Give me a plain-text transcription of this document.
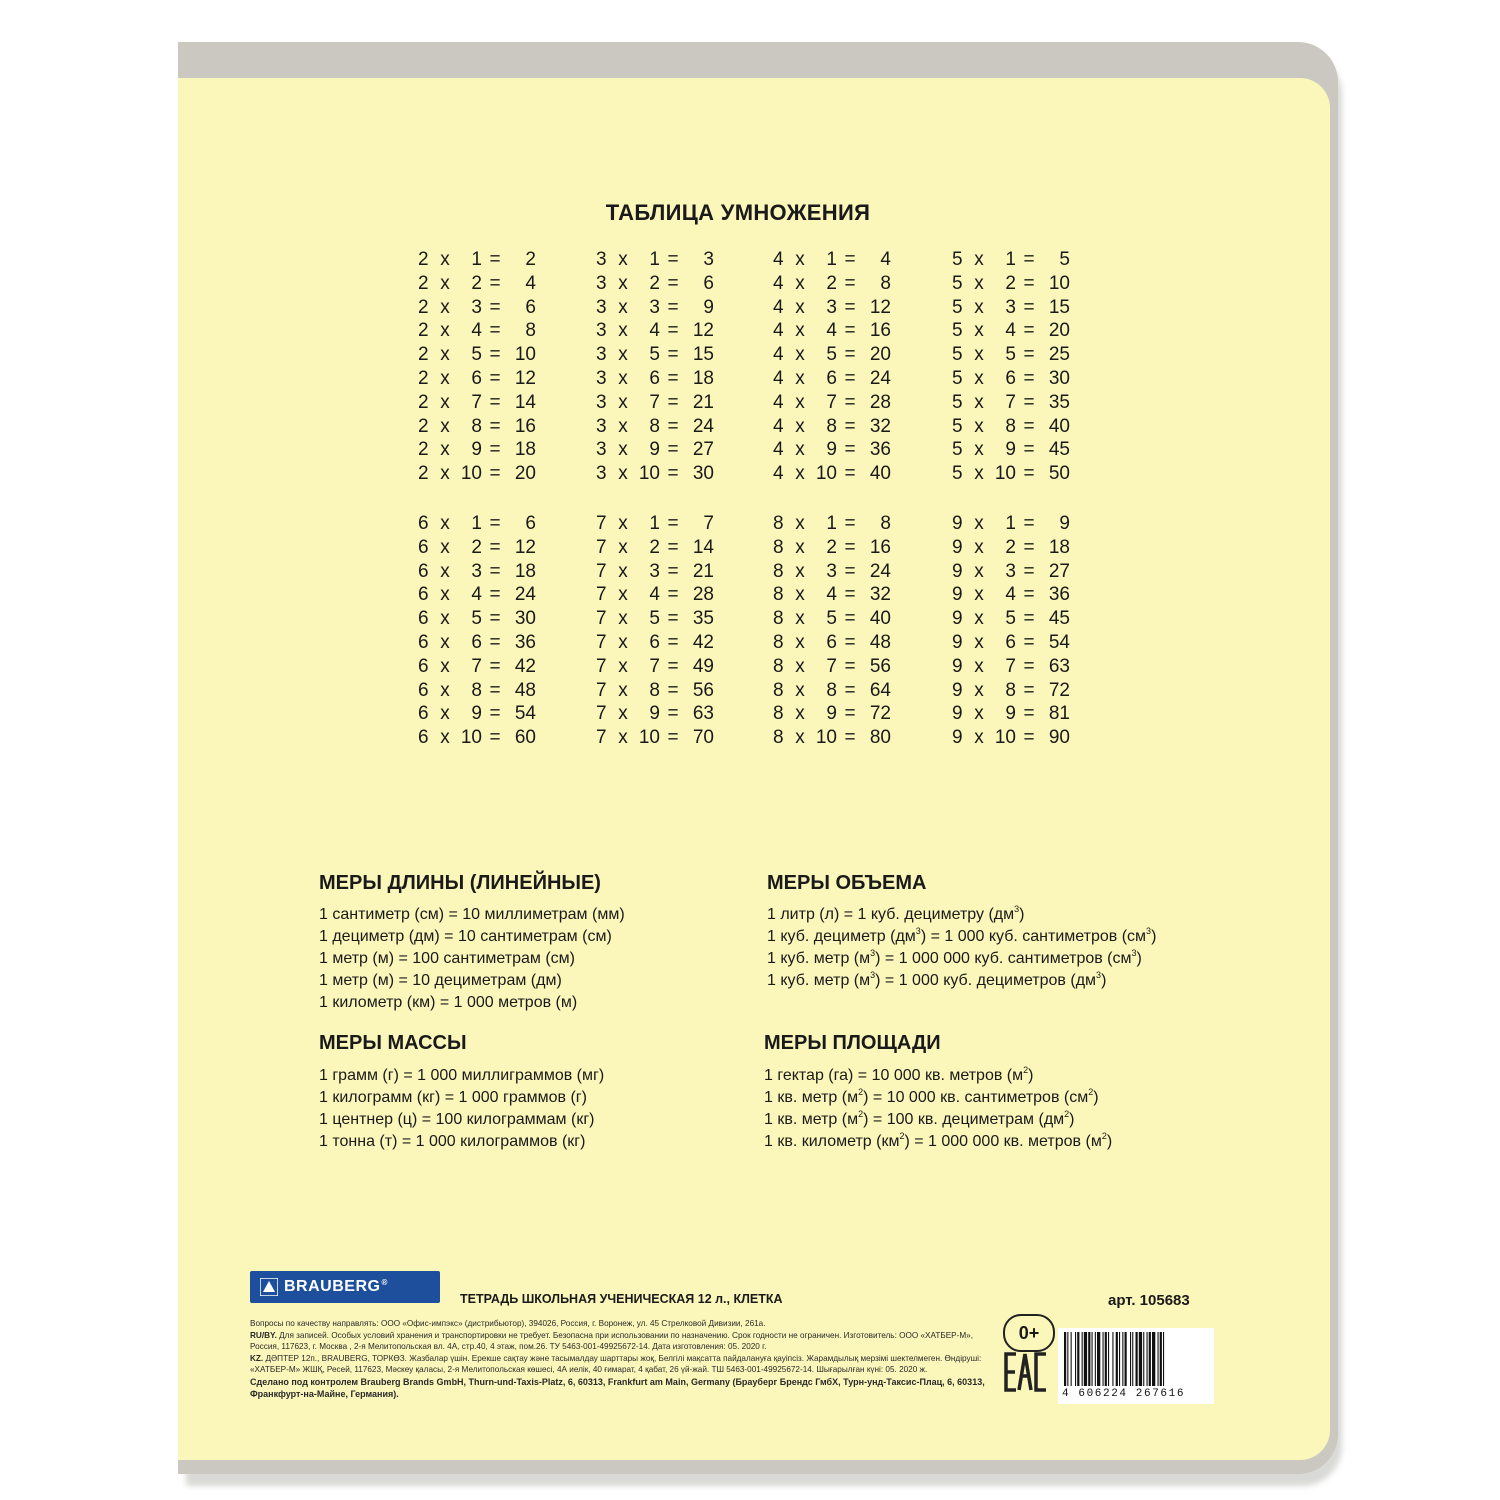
ТАБЛИЦА УМНОЖЕНИЯ
2 x	1 =	2
2 x	2 =	4
2 x	3 =	6
2 x	4 =	8
2 x	5 = 10
2 x	6 = 12
2 x	7 = 14
2 x	8 = 16
2 x	9 = 18
2 x 10 = 20
3 x	1 =	3
3 x	2 =	6
3 x	3 =	9
3 x	4 = 12
3 x	5 = 15
3 x	6 = 18
3 x	7 = 21
3 x	8 = 24
3 x	9 = 27
3 x 10 = 30
4 x	1 =	4
4 x	2 =	8
4 x	3 = 12
4 x	4 = 16
4 x	5 = 20
4 x	6 = 24
4 x	7 = 28
4 x	8 = 32
4 x	9 = 36
4 x 10 = 40
5 x	1 =	5
5 x	2 = 10
5 x	3 = 15
5 x	4 = 20
5 x	5 = 25
5 x	6 = 30
5 x	7 = 35
5 x	8 = 40
5 x	9 = 45
5 x 10 = 50
6 x	1 =	6
6 x	2 = 12
6 x	3 = 18
6 x	4 = 24
6 x	5 = 30
6 x	6 = 36
6 x	7 = 42
6 x	8 = 48
6 x	9 = 54
6 x 10 = 60
7 x	1 =	7
7 x	2 = 14
7 x	3 = 21
7 x	4 = 28
7 x	5 = 35
7 x	6 = 42
7 x	7 = 49
7 x	8 = 56
7 x	9 = 63
7 x 10 = 70
8 x	1 =	8
8 x	2 = 16
8 x	3 = 24
8 x	4 = 32
8 x	5 = 40
8 x	6 = 48
8 x	7 = 56
8 x	8 = 64
8 x	9 = 72
8 x 10 = 80
9 x	1 =	9
9 x	2 = 18
9 x	3 = 27
9 x	4 = 36
9 x	5 = 45
9 x	6 = 54
9 x	7 = 63
9 x	8 = 72
9 x	9 = 81
9 x 10 = 90
МЕРЫ ДЛИНЫ (ЛИНЕЙНЫЕ)
1 сантиметр (см) = 10 миллиметрам (мм)
1 дециметр (дм) = 10 сантиметрам (см)
1 метр (м) = 100 сантиметрам (см)
1 метр (м) = 10 дециметрам (дм)
1 километр (км) = 1 000 метров (м)
МЕРЫ МАССЫ
1 грамм (г) = 1 000 миллиграммов (мг)
1 килограмм (кг) = 1 000 граммов (г)
1 центнер (ц) = 100 килограммам (кг)
1 тонна (т) = 1 000 килограммов (кг)
МЕРЫ ОБЪЕМА
1 литр (л) = 1 куб. дециметру $(дм^3)$
1 куб. дециметр $(дм^3) = 1$ 000 куб. сантиметров $(см^3)$
1 куб. метр $(м^3) = 1$ 000 000 куб. сантиметров $(см^3)$
1 куб. метр $(м^3) = 1$ 000 куб. дециметров $(дм^3)$
МЕРЫ ПЛОЩАДИ
1 гектар (га) = 10 000 кв. метров $(м^2)$
1 кв. метр $(м^2) = 10$ 000 кв. сантиметров $(см^2)$
1 кв. метр $(м^2) = 100$ кв. дециметрам $(дм^2)$
1 кв. километр $(км^2) = 1$ 000 000 кв. метров $(м^2)$
BRAUBERG®
ТЕТРАДЬ ШКОЛЬНАЯ УЧЕНИЧЕСКАЯ 12 л., КЛЕТКА	арт. 105683
Вопросы по качеству направлять: ООО «Офис-импэкс» (дистрибьютор), 394026, Россия, г. Воронеж, ул. 45 Стрелковой Дивизии, 261а.
RU/BY. Для записей. Особых условий хранения и транспортировки не требует. Безопасна при использовании по назначению. Срок годности не ограничен. Изготовитель: ООО «ХАТБЕР-М», Россия, 117623, г. Москва , 2-я Мелитопольская вл. 4А, стр.40, 4 этаж, пом.26. ТУ 5463-001-49925672-14. Дата изготовления: 05. 2020 г.
KZ. ДӘПТЕР 12п., BRAUBERG, ТОРКӨЗ. Жазбалар үшін. Ерекше сақтау және тасымалдау шарттары жоқ, Белгілі мақсатта пайдалануға қауіпсіз. Жарамдылық мерзімі шектелмеген. Өндіруші: «ХАТБЕР-М» ЖШҚ, Ресей, 117623, Мәскеу қаласы, 2-я Мелитопольская көшесі, 4А иелік, 40 ғимарат, 4 қабат, 26 үй-жай. ТШ 5463-001-49925672-14. Шығарылған күні: 05. 2020 ж.
Сделано под контролем Brauberg Brands GmbH, Thurn-und-Taxis-Platz, 6, 60313, Frankfurt am Main, Germany (Брауберг Брендс ГмбХ, Турн-унд-Таксис-Плац, 6, 60313, Франкфурт-на-Майне, Германия).
0+
4 606224 267616
